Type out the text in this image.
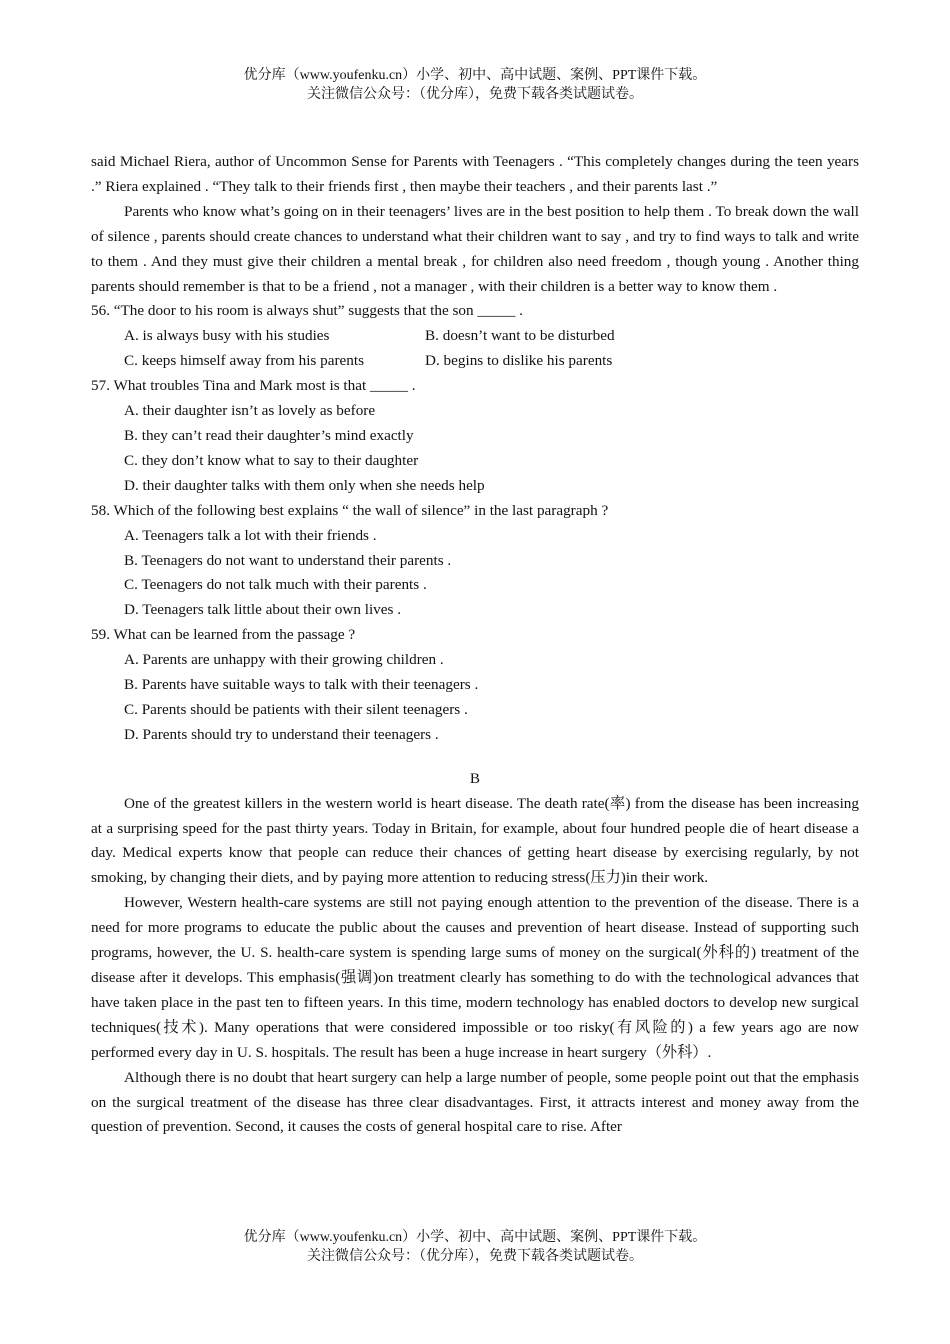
优分库（www.youfenku.cn）小学、初中、高中试题、案例、PPT课件下载。
关注微信公众号：（优分库），免费下载各类试题试卷。

said Michael Riera, author of Uncommon Sense for Parents with Teenagers . “This completely changes during the teen years .” Riera explained . “They talk to their friends first , then maybe their teachers , and their parents last .”

Parents who know what’s going on in their teenagers’ lives are in the best position to help them . To break down the wall of silence , parents should create chances to understand what their children want to say , and try to find ways to talk and write to them . And they must give their children a mental break , for children also need freedom , though young . Another thing parents should remember is that to be a friend , not a manager , with their children is a better way to know them .

56. “The door to his room is always shut” suggests that the son _____ .

A. is always busy with his studies	B. doesn’t want to be disturbed
C. keeps himself away from his parents	D. begins to dislike his parents

57. What troubles Tina and Mark most is that _____ .

A. their daughter isn’t as lovely as before

B. they can’t read their daughter’s mind exactly

C. they don’t know what to say to their daughter

D. their daughter talks with them only when she needs help

58. Which of the following best explains “ the wall of silence” in the last paragraph ?

A. Teenagers talk a lot with their friends .

B. Teenagers do not want to understand their parents .

C. Teenagers do not talk much with their parents .

D. Teenagers talk little about their own lives .

59. What can be learned from the passage ?

A. Parents are unhappy with their growing children .

B. Parents have suitable ways to talk with their teenagers .

C. Parents should be patients with their silent teenagers .

D. Parents should try to understand their teenagers .

B

One of the greatest killers in the western world is heart disease. The death rate(率) from the disease has been increasing at a surprising speed for the past thirty years. Today in Britain, for example, about four hundred people die of heart disease a day. Medical experts know that people can reduce their chances of getting heart disease by exercising regularly, by not smoking, by changing their diets, and by paying more attention to reducing stress(压力)in their work.

However, Western health-care systems are still not paying enough attention to the prevention of the disease. There is a need for more programs to educate the public about the causes and prevention of heart disease. Instead of supporting such programs, however, the U. S. health-care system is spending large sums of money on the surgical(外科的) treatment of the disease after it develops. This emphasis(强调)on treatment clearly has something to do with the technological advances that have taken place in the past ten to fifteen years. In this time, modern technology has enabled doctors to develop new surgical techniques(技术). Many operations that were considered impossible or too risky(有风险的) a few years ago are now performed every day in U. S. hospitals. The result has been a huge increase in heart surgery（外科）.

Although there is no doubt that heart surgery can help a large number of people, some people point out that the emphasis on the surgical treatment of the disease has three clear disadvantages. First, it attracts interest and money away from the question of prevention. Second, it causes the costs of general hospital care to rise. After

优分库（www.youfenku.cn）小学、初中、高中试题、案例、PPT课件下载。
关注微信公众号：（优分库），免费下载各类试题试卷。
